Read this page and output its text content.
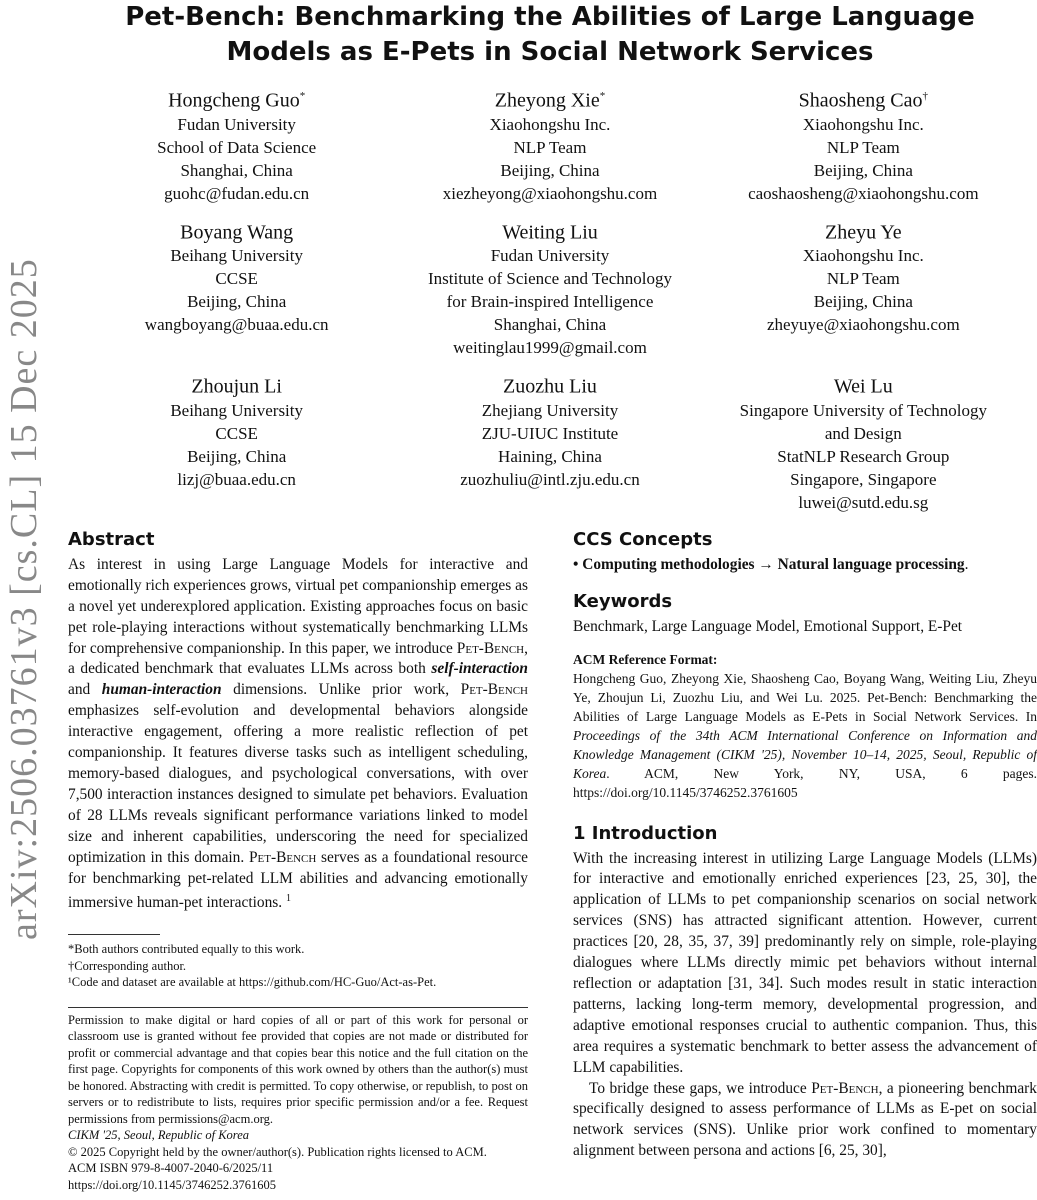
Pet-Bench: Benchmarking the Abilities of Large Language
Models as E-Pets in Social Network Services
arXiv:2506.03761v3 [cs.CL] 15 Dec 2025
Hongcheng Guo*
Fudan University
School of Data Science
Shanghai, China
guohc@fudan.edu.cn
Zheyong Xie*
Xiaohongshu Inc.
NLP Team
Beijing, China
xiezheyong@xiaohongshu.com
Shaosheng Cao†
Xiaohongshu Inc.
NLP Team
Beijing, China
caoshaosheng@xiaohongshu.com
Boyang Wang
Beihang University
CCSE
Beijing, China
wangboyang@buaa.edu.cn
Weiting Liu
Fudan University
Institute of Science and Technology
for Brain-inspired Intelligence
Shanghai, China
weitinglau1999@gmail.com
Zheyu Ye
Xiaohongshu Inc.
NLP Team
Beijing, China
zheyuye@xiaohongshu.com
Zhoujun Li
Beihang University
CCSE
Beijing, China
lizj@buaa.edu.cn
Zuozhu Liu
Zhejiang University
ZJU-UIUC Institute
Haining, China
zuozhuliu@intl.zju.edu.cn
Wei Lu
Singapore University of Technology
and Design
StatNLP Research Group
Singapore, Singapore
luwei@sutd.edu.sg
Abstract

As interest in using Large Language Models for interactive and emotionally rich experiences grows, virtual pet companionship emerges as a novel yet underexplored application. Existing approaches focus on basic pet role-playing interactions without systematically benchmarking LLMs for comprehensive companionship. In this paper, we introduce Pet-Bench, a dedicated benchmark that evaluates LLMs across both self-interaction and human-interaction dimensions. Unlike prior work, Pet-Bench emphasizes self-evolution and developmental behaviors alongside interactive engagement, offering a more realistic reflection of pet companionship. It features diverse tasks such as intelligent scheduling, memory-based dialogues, and psychological conversations, with over 7,500 interaction instances designed to simulate pet behaviors. Evaluation of 28 LLMs reveals significant performance variations linked to model size and inherent capabilities, underscoring the need for specialized optimization in this domain. Pet-Bench serves as a foundational resource for benchmarking pet-related LLM abilities and advancing emotionally immersive human-pet interactions. $^1$

*Both authors contributed equally to this work.
†Corresponding author.
¹Code and dataset are available at https://github.com/HC-Guo/Act-as-Pet.

Permission to make digital or hard copies of all or part of this work for personal or classroom use is granted without fee provided that copies are not made or distributed for profit or commercial advantage and that copies bear this notice and the full citation on the first page. Copyrights for components of this work owned by others than the author(s) must be honored. Abstracting with credit is permitted. To copy otherwise, or republish, to post on servers or to redistribute to lists, requires prior specific permission and/or a fee. Request permissions from permissions@acm.org.

CIKM '25, Seoul, Republic of Korea
© 2025 Copyright held by the owner/author(s). Publication rights licensed to ACM.
ACM ISBN 979-8-4007-2040-6/2025/11
https://doi.org/10.1145/3746252.3761605
CCS Concepts

• Computing methodologies → Natural language processing.

Keywords

Benchmark, Large Language Model, Emotional Support, E-Pet

ACM Reference Format:

Hongcheng Guo, Zheyong Xie, Shaosheng Cao, Boyang Wang, Weiting Liu, Zheyu Ye, Zhoujun Li, Zuozhu Liu, and Wei Lu. 2025. Pet-Bench: Benchmarking the Abilities of Large Language Models as E-Pets in Social Network Services. In Proceedings of the 34th ACM International Conference on Information and Knowledge Management (CIKM '25), November 10–14, 2025, Seoul, Republic of Korea. ACM, New York, NY, USA, 6 pages. https://doi.org/10.1145/3746252.3761605

1 Introduction

With the increasing interest in utilizing Large Language Models (LLMs) for interactive and emotionally enriched experiences [23, 25, 30], the application of LLMs to pet companionship scenarios on social network services (SNS) has attracted significant attention. However, current practices [20, 28, 35, 37, 39] predominantly rely on simple, role-playing dialogues where LLMs directly mimic pet behaviors without internal reflection or adaptation [31, 34]. Such modes result in static interaction patterns, lacking long-term memory, developmental progression, and adaptive emotional responses crucial to authentic companion. Thus, this area requires a systematic benchmark to better assess the advancement of LLM capabilities.

To bridge these gaps, we introduce Pet-Bench, a pioneering benchmark specifically designed to assess performance of LLMs as E-pet on social network services (SNS). Unlike prior work confined to momentary alignment between persona and actions [6, 25, 30],
